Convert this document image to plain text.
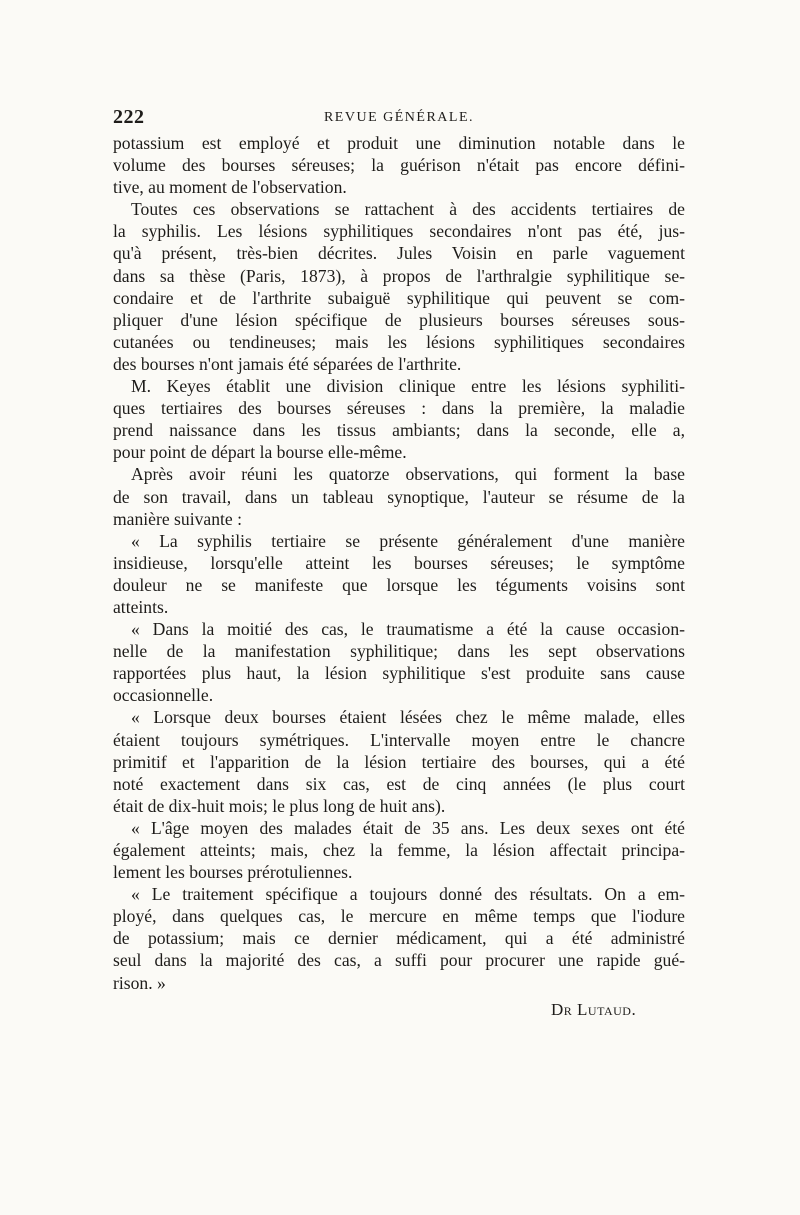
222	REVUE GÉNÉRALE.
potassium est employé et produit une diminution notable dans le
volume des bourses séreuses; la guérison n'était pas encore défini-
tive, au moment de l'observation.
Toutes ces observations se rattachent à des accidents tertiaires de
la syphilis. Les lésions syphilitiques secondaires n'ont pas été, jus-
qu'à présent, très-bien décrites. Jules Voisin en parle vaguement
dans sa thèse (Paris, 1873), à propos de l'arthralgie syphilitique se-
condaire et de l'arthrite subaiguë syphilitique qui peuvent se com-
pliquer d'une lésion spécifique de plusieurs bourses séreuses sous-
cutanées ou tendineuses; mais les lésions syphilitiques secondaires
des bourses n'ont jamais été séparées de l'arthrite.
M. Keyes établit une division clinique entre les lésions syphiliti-
ques tertiaires des bourses séreuses : dans la première, la maladie
prend naissance dans les tissus ambiants; dans la seconde, elle a,
pour point de départ la bourse elle-même.
Après avoir réuni les quatorze observations, qui forment la base
de son travail, dans un tableau synoptique, l'auteur se résume de la
manière suivante :
« La syphilis tertiaire se présente généralement d'une manière
insidieuse, lorsqu'elle atteint les bourses séreuses; le symptôme
douleur ne se manifeste que lorsque les téguments voisins sont
atteints.
« Dans la moitié des cas, le traumatisme a été la cause occasion-
nelle de la manifestation syphilitique; dans les sept observations
rapportées plus haut, la lésion syphilitique s'est produite sans cause
occasionnelle.
« Lorsque deux bourses étaient lésées chez le même malade, elles
étaient toujours symétriques. L'intervalle moyen entre le chancre
primitif et l'apparition de la lésion tertiaire des bourses, qui a été
noté exactement dans six cas, est de cinq années (le plus court
était de dix-huit mois; le plus long de huit ans).
« L'âge moyen des malades était de 35 ans. Les deux sexes ont été
également atteints; mais, chez la femme, la lésion affectait principa-
lement les bourses prérotuliennes.
« Le traitement spécifique a toujours donné des résultats. On a em-
ployé, dans quelques cas, le mercure en même temps que l'iodure
de potassium; mais ce dernier médicament, qui a été administré
seul dans la majorité des cas, a suffi pour procurer une rapide gué-
rison. »
Dr Lutaud.
